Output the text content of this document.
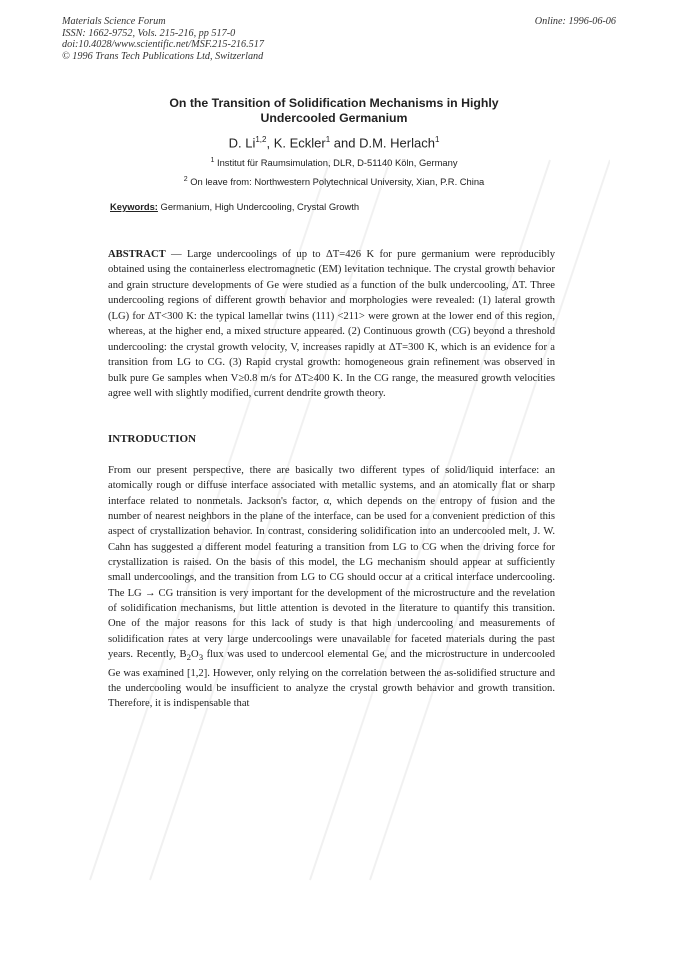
Materials Science Forum
ISSN: 1662-9752, Vols. 215-216, pp 517-0
doi:10.4028/www.scientific.net/MSF.215-216.517
© 1996 Trans Tech Publications Ltd, Switzerland
Online: 1996-06-06
On the Transition of Solidification Mechanisms in Highly
Undercooled Germanium
D. Li$^{1,2}$, K. Eckler$^1$ and D.M. Herlach$^1$
$^1$ Institut für Raumsimulation, DLR, D-51140 Köln, Germany
$^2$ On leave from: Northwestern Polytechnical University, Xian, P.R. China
Keywords: Germanium, High Undercooling, Crystal Growth
ABSTRACT — Large undercoolings of up to ΔT=426 K for pure germanium were reproducibly obtained using the containerless electromagnetic (EM) levitation technique. The crystal growth behavior and grain structure developments of Ge were studied as a function of the bulk undercooling, ΔT. Three undercooling regions of different growth behavior and morphologies were revealed: (1) lateral growth (LG) for ΔT<300 K: the typical lamellar twins (111) <211> were grown at the lower end of this region, whereas, at the higher end, a mixed structure appeared. (2) Continuous growth (CG) beyond a threshold undercooling: the crystal growth velocity, V, increases rapidly at ΔT=300 K, which is an evidence for a transition from LG to CG. (3) Rapid crystal growth: homogeneous grain refinement was observed in bulk pure Ge samples when V≥0.8 m/s for ΔT≥400 K. In the CG range, the measured growth velocities agree well with slightly modified, current dendrite growth theory.
INTRODUCTION
From our present perspective, there are basically two different types of solid/liquid interface: an atomically rough or diffuse interface associated with metallic systems, and an atomically flat or sharp interface related to nonmetals. Jackson's factor, α, which depends on the entropy of fusion and the number of nearest neighbors in the plane of the interface, can be used for a convenient prediction of this aspect of crystallization behavior. In contrast, considering solidification into an undercooled melt, J. W. Cahn has suggested a different model featuring a transition from LG to CG when the driving force for crystallization is raised. On the basis of this model, the LG mechanism should appear at sufficiently small undercoolings, and the transition from LG to CG should occur at a critical interface undercooling. The LG → CG transition is very important for the development of the microstructure and the revelation of solidification mechanisms, but little attention is devoted in the literature to quantify this transition. One of the major reasons for this lack of study is that high undercooling and measurements of solidification rates at very large undercoolings were unavailable for faceted materials during the past years. Recently, $B_2O_3$ flux was used to undercool elemental Ge, and the microstructure in undercooled Ge was examined [1,2]. However, only relying on the correlation between the as-solidified structure and the undercooling would be insufficient to analyze the crystal growth behavior and growth transition. Therefore, it is indispensable that
